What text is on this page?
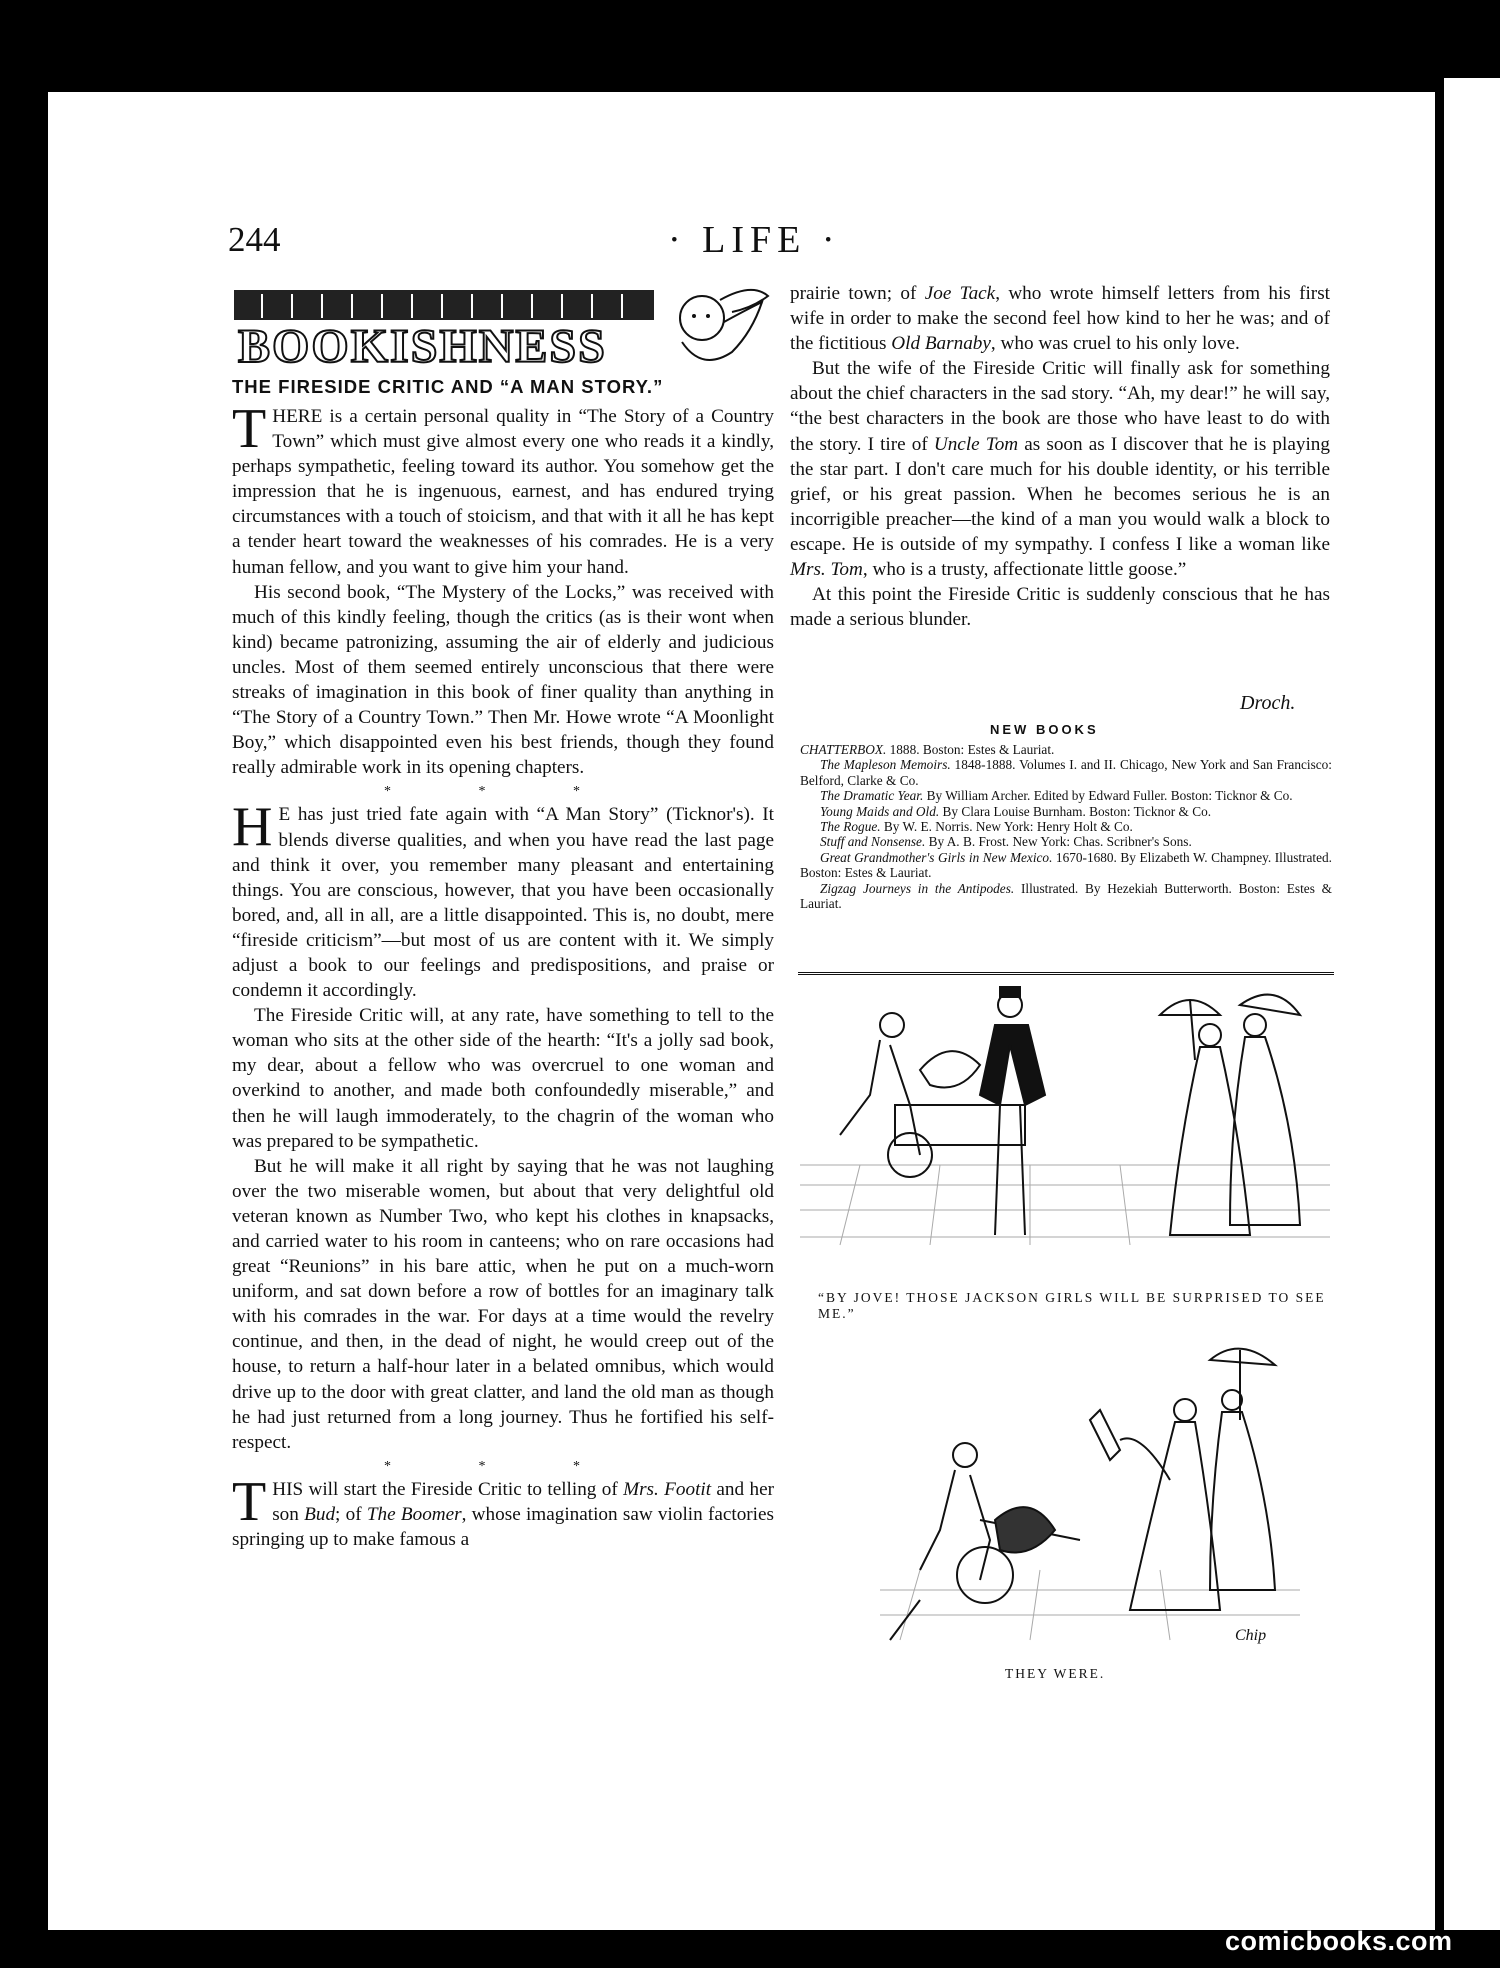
244	· LIFE ·
BOOKISHNESS
THE FIRESIDE CRITIC AND “A MAN STORY.”

THERE is a certain personal quality in “The Story of a Country Town” which must give almost every one who reads it a kindly, perhaps sympathetic, feeling toward its author. You somehow get the impression that he is ingenuous, earnest, and has endured trying circumstances with a touch of stoicism, and that with it all he has kept a tender heart toward the weaknesses of his comrades. He is a very human fellow, and you want to give him your hand.

His second book, “The Mystery of the Locks,” was received with much of this kindly feeling, though the critics (as is their wont when kind) became patronizing, assuming the air of elderly and judicious uncles. Most of them seemed entirely unconscious that there were streaks of imagination in this book of finer quality than anything in “The Story of a Country Town.” Then Mr. Howe wrote “A Moonlight Boy,” which disappointed even his best friends, though they found really admirable work in its opening chapters.

* * *

H E has just tried fate again with “A Man Story” (Ticknor's). It blends diverse qualities, and when you have read the last page and think it over, you remember many pleasant and entertaining things. You are conscious, however, that you have been occasionally bored, and, all in all, are a little disappointed. This is, no doubt, mere “fireside criticism”—but most of us are content with it. We simply adjust a book to our feelings and predispositions, and praise or condemn it accordingly.

The Fireside Critic will, at any rate, have something to tell to the woman who sits at the other side of the hearth: “It's a jolly sad book, my dear, about a fellow who was overcruel to one woman and overkind to another, and made both confoundedly miserable,” and then he will laugh immoderately, to the chagrin of the woman who was prepared to be sympathetic.

But he will make it all right by saying that he was not laughing over the two miserable women, but about that very delightful old veteran known as Number Two, who kept his clothes in knapsacks, and carried water to his room in canteens; who on rare occasions had great “Reunions” in his bare attic, when he put on a much-worn uniform, and sat down before a row of bottles for an imaginary talk with his comrades in the war. For days at a time would the revelry continue, and then, in the dead of night, he would creep out of the house, to return a half-hour later in a belated omnibus, which would drive up to the door with great clatter, and land the old man as though he had just returned from a long journey. Thus he fortified his self-respect.

* * *

THIS will start the Fireside Critic to telling of Mrs. Footit and her son Bud; of The Boomer, whose imagination saw violin factories springing up to make famous a

prairie town; of Joe Tack, who wrote himself letters from his first wife in order to make the second feel how kind to her he was; and of the fictitious Old Barnaby, who was cruel to his only love.

But the wife of the Fireside Critic will finally ask for something about the chief characters in the sad story. “Ah, my dear!” he will say, “the best characters in the book are those who have least to do with the story. I tire of Uncle Tom as soon as I discover that he is playing the star part. I don't care much for his double identity, or his terrible grief, or his great passion. When he becomes serious he is an incorrigible preacher—the kind of a man you would walk a block to escape. He is outside of my sympathy. I confess I like a woman like Mrs. Tom, who is a trusty, affectionate little goose.”

At this point the Fireside Critic is suddenly conscious that he has made a serious blunder.

Droch.
NEW BOOKS

CHATTERBOX. 1888. Boston: Estes & Lauriat.

The Mapleson Memoirs. 1848-1888. Volumes I. and II. Chicago, New York and San Francisco: Belford, Clarke & Co.

The Dramatic Year. By William Archer. Edited by Edward Fuller. Boston: Ticknor & Co.

Young Maids and Old. By Clara Louise Burnham. Boston: Ticknor & Co.

The Rogue. By W. E. Norris. New York: Henry Holt & Co.

Stuff and Nonsense. By A. B. Frost. New York: Chas. Scribner's Sons.

Great Grandmother's Girls in New Mexico. 1670-1680. By Elizabeth W. Champney. Illustrated. Boston: Estes & Lauriat.

Zigzag Journeys in the Antipodes. Illustrated. By Hezekiah Butterworth. Boston: Estes & Lauriat.

“BY JOVE! THOSE JACKSON GIRLS WILL BE SURPRISED TO SEE ME.”
Chip
THEY WERE.
comicbooks.com
